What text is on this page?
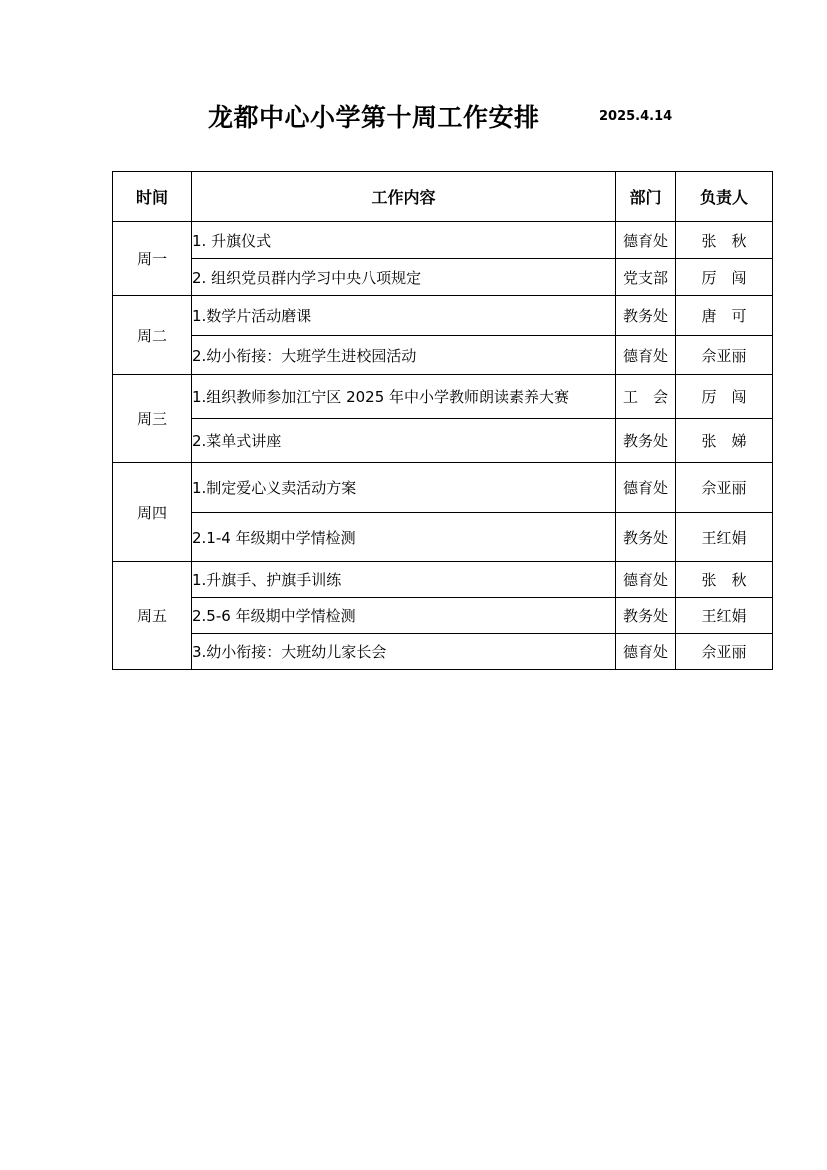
龙都中心小学第十周工作安排	2025.4.14
时间	工作内容	部门	负责人
周一	1. 升旗仪式	德育处	张　秋
	2. 组织党员群内学习中央八项规定	党支部	厉　闯
周二	1.数学片活动磨课	教务处	唐　可
	2.幼小衔接：大班学生进校园活动	德育处	佘亚丽
周三	1.组织教师参加江宁区 2025 年中小学教师朗读素养大赛	工　会	厉　闯
	2.菜单式讲座	教务处	张　娣
周四	1.制定爱心义卖活动方案	德育处	佘亚丽
	2.1-4 年级期中学情检测	教务处	王红娟
周五	1.升旗手、护旗手训练	德育处	张　秋
	2.5-6 年级期中学情检测	教务处	王红娟
	3.幼小衔接：大班幼儿家长会	德育处	佘亚丽
